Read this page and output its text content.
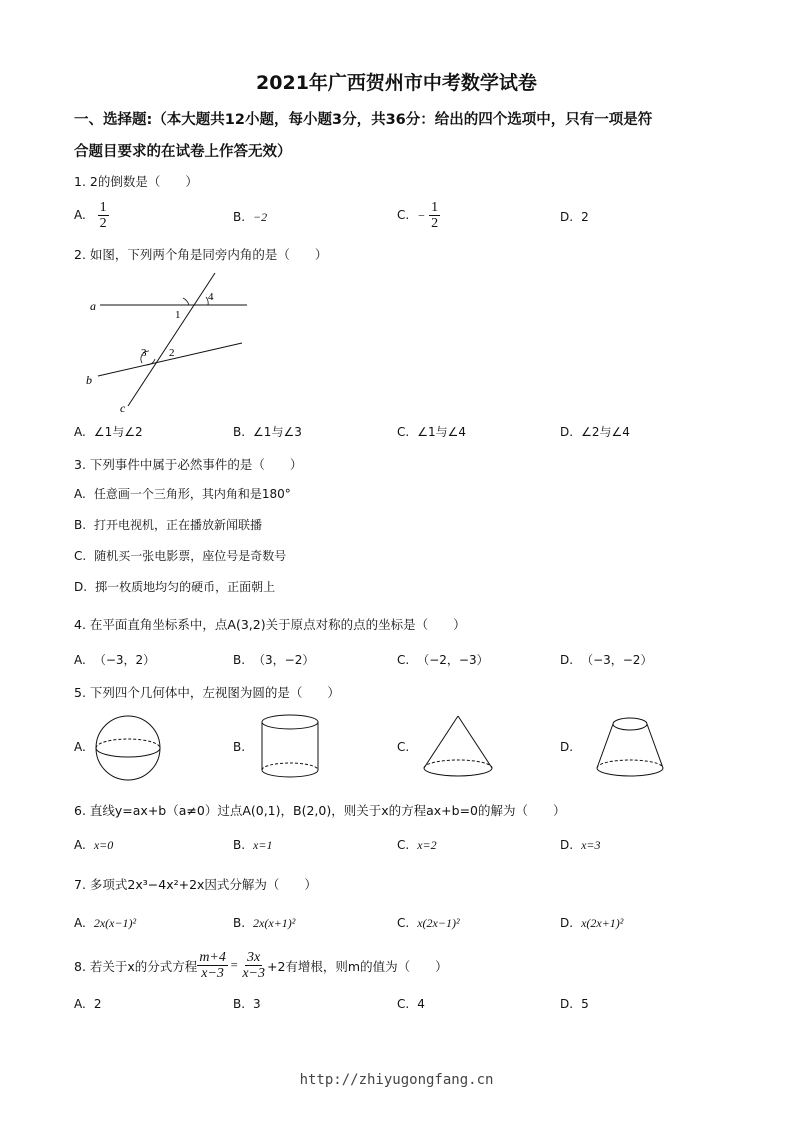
2021年广西贺州市中考数学试卷
一、选择题:（本大题共12小题，每小题3分，共36分：给出的四个选项中，只有一项是符
合题目要求的在试卷上作答无效）
1. 2的倒数是（　　）
A. $\frac{1}{2}$	B. −2	C. − $\frac{1}{2}$	D. 2
2. 如图，下列两个角是同旁内角的是（　　）
a
b
c
1
2
3
4
A. ∠1与∠2	B. ∠1与∠3	C. ∠1与∠4	D. ∠2与∠4
3. 下列事件中属于必然事件的是（　　）
A. 任意画一个三角形，其内角和是180°
B. 打开电视机，正在播放新闻联播
C. 随机买一张电影票，座位号是奇数号
D. 掷一枚质地均匀的硬币，正面朝上
4. 在平面直角坐标系中，点A(3,2)关于原点对称的点的坐标是（　　）
A. （−3，2）	B. （3，−2）	C. （−2，−3）	D. （−3，−2）
5. 下列四个几何体中，左视图为圆的是（　　）
A.	B.	C.	D.
6. 直线y=ax+b（a≠0）过点A(0,1)，B(2,0)，则关于x的方程ax+b=0的解为（　　）
A. x=0	B. x=1	C. x=2	D. x=3
7. 多项式2x³−4x²+2x因式分解为（　　）
A. 2x(x−1)²	B. 2x(x+1)²	C. x(2x−1)²	D. x(2x+1)²
8. 若关于x的分式方程 $\frac{m+4}{x-3} = \frac{3x}{x-3} +2$有增根，则m的值为（　　）
A. 2	B. 3	C. 4	D. 5
http://zhiyugongfang.cn
